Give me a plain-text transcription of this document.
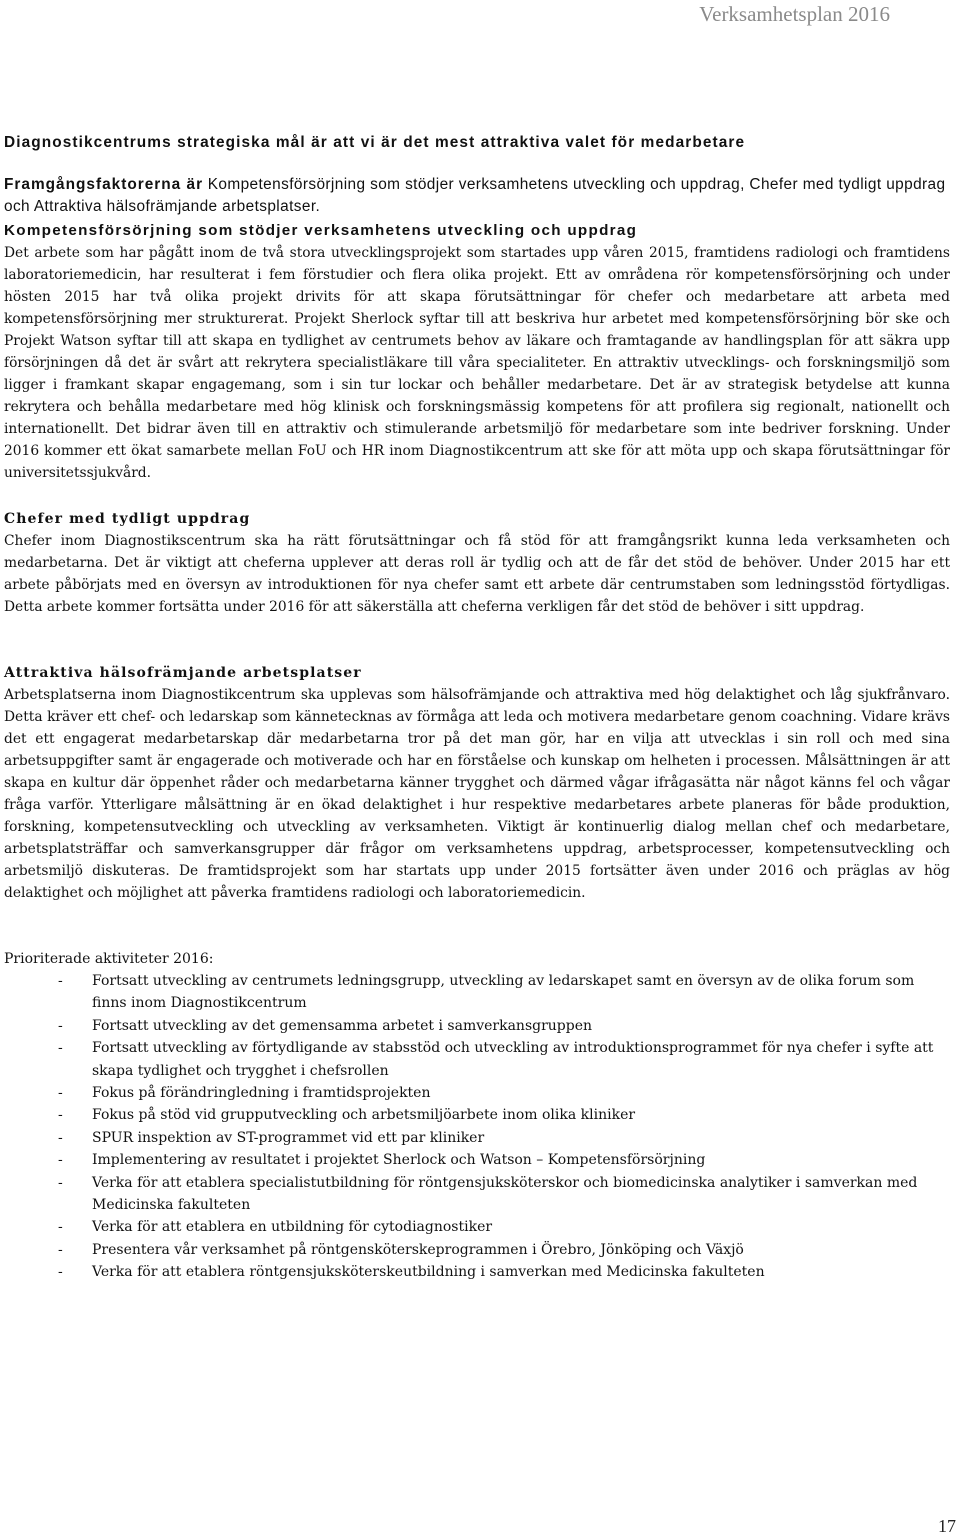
Verksamhetsplan 2016
Diagnostikcentrums strategiska mål är att vi är det mest attraktiva valet för medarbetare

Framgångsfaktorerna är Kompetensförsörjning som stödjer verksamhetens utveckling och uppdrag, Chefer med tydligt uppdrag och Attraktiva hälsofrämjande arbetsplatser.

Kompetensförsörjning som stödjer verksamhetens utveckling och uppdrag

Det arbete som har pågått inom de två stora utvecklingsprojekt som startades upp våren 2015, framtidens radiologi och framtidens laboratoriemedicin, har resulterat i fem förstudier och flera olika projekt. Ett av områdena rör kompetensförsörjning och under hösten 2015 har två olika projekt drivits för att skapa förutsättningar för chefer och medarbetare att arbeta med kompetensförsörjning mer strukturerat. Projekt Sherlock syftar till att beskriva hur arbetet med kompetensförsörjning bör ske och Projekt Watson syftar till att skapa en tydlighet av centrumets behov av läkare och framtagande av handlingsplan för att säkra upp försörjningen då det är svårt att rekrytera specialistläkare till våra specialiteter. En attraktiv utvecklings- och forskningsmiljö som ligger i framkant skapar engagemang, som i sin tur lockar och behåller medarbetare. Det är av strategisk betydelse att kunna rekrytera och behålla medarbetare med hög klinisk och forskningsmässig kompetens för att profilera sig regionalt, nationellt och internationellt. Det bidrar även till en attraktiv och stimulerande arbetsmiljö för medarbetare som inte bedriver forskning. Under 2016 kommer ett ökat samarbete mellan FoU och HR inom Diagnostikcentrum att ske för att möta upp och skapa förutsättningar för universitetssjukvård.

Chefer med tydligt uppdrag

Chefer inom Diagnostikscentrum ska ha rätt förutsättningar och få stöd för att framgångsrikt kunna leda verksamheten och medarbetarna. Det är viktigt att cheferna upplever att deras roll är tydlig och att de får det stöd de behöver. Under 2015 har ett arbete påbörjats med en översyn av introduktionen för nya chefer samt ett arbete där centrumstaben som ledningsstöd förtydligas. Detta arbete kommer fortsätta under 2016 för att säkerställa att cheferna verkligen får det stöd de behöver i sitt uppdrag.

Attraktiva hälsofrämjande arbetsplatser

Arbetsplatserna inom Diagnostikcentrum ska upplevas som hälsofrämjande och attraktiva med hög delaktighet och låg sjukfrånvaro. Detta kräver ett chef- och ledarskap som kännetecknas av förmåga att leda och motivera medarbetare genom coachning. Vidare krävs det ett engagerat medarbetarskap där medarbetarna tror på det man gör, har en vilja att utvecklas i sin roll och med sina arbetsuppgifter samt är engagerade och motiverade och har en förståelse och kunskap om helheten i processen. Målsättningen är att skapa en kultur där öppenhet råder och medarbetarna känner trygghet och därmed vågar ifrågasätta när något känns fel och vågar fråga varför. Ytterligare målsättning är en ökad delaktighet i hur respektive medarbetares arbete planeras för både produktion, forskning, kompetensutveckling och utveckling av verksamheten. Viktigt är kontinuerlig dialog mellan chef och medarbetare, arbetsplatsträffar och samverkansgrupper där frågor om verksamhetens uppdrag, arbetsprocesser, kompetensutveckling och arbetsmiljö diskuteras. De framtidsprojekt som har startats upp under 2015 fortsätter även under 2016 och präglas av hög delaktighet och möjlighet att påverka framtidens radiologi och laboratoriemedicin.

Prioriterade aktiviteter 2016:

- Fortsatt utveckling av centrumets ledningsgrupp, utveckling av ledarskapet samt en översyn av de olika forum som finns inom Diagnostikcentrum
- Fortsatt utveckling av det gemensamma arbetet i samverkansgruppen
- Fortsatt utveckling av förtydligande av stabsstöd och utveckling av introduktionsprogrammet för nya chefer i syfte att skapa tydlighet och trygghet i chefsrollen
- Fokus på förändringledning i framtidsprojekten
- Fokus på stöd vid grupputveckling och arbetsmiljöarbete inom olika kliniker
- SPUR inspektion av ST-programmet vid ett par kliniker
- Implementering av resultatet i projektet Sherlock och Watson – Kompetensförsörjning
- Verka för att etablera specialistutbildning för röntgensjuksköterskor och biomedicinska analytiker i samverkan med Medicinska fakulteten
- Verka för att etablera en utbildning för cytodiagnostiker
- Presentera vår verksamhet på röntgensköterskeprogrammen i Örebro, Jönköping och Växjö
- Verka för att etablera röntgensjuksköterskeutbildning i samverkan med Medicinska fakulteten
17
